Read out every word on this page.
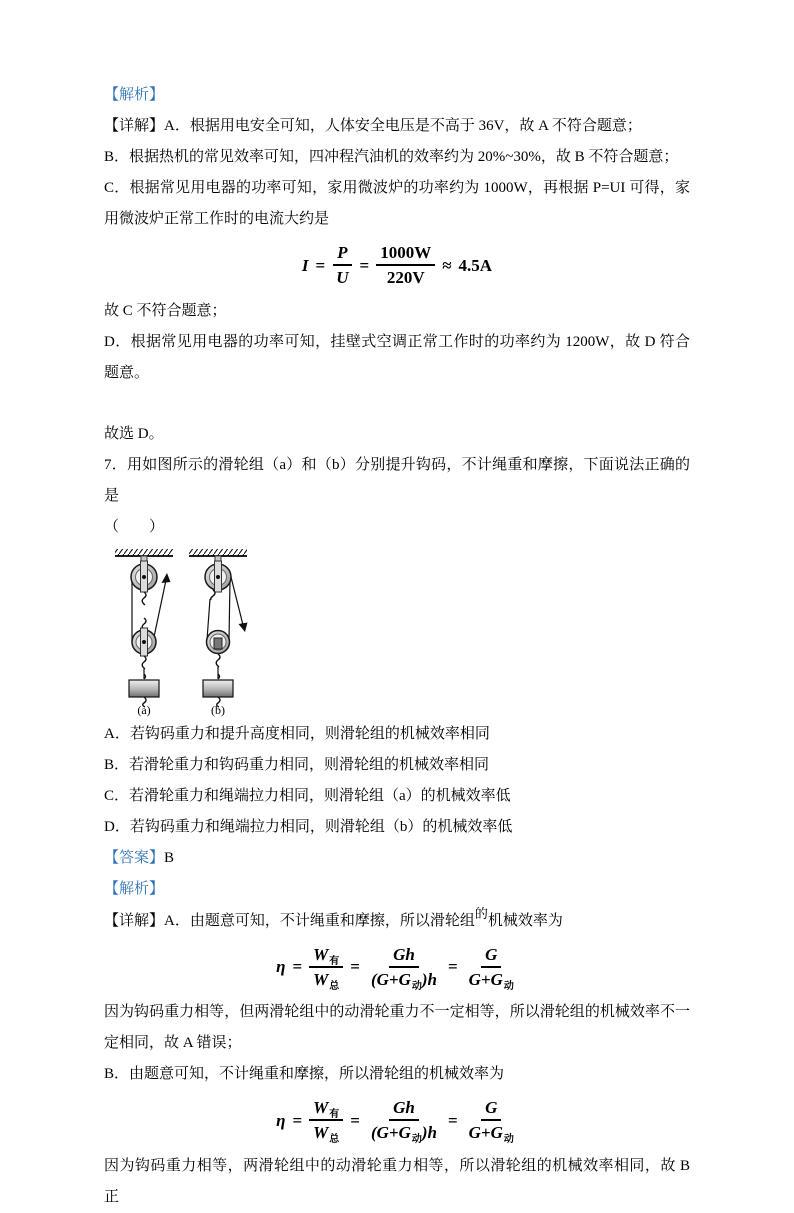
【解析】
【详解】A．根据用电安全可知，人体安全电压是不高于 36V，故 A 不符合题意；
B．根据热机的常见效率可知，四冲程汽油机的效率约为 20%~30%，故 B 不符合题意；
C．根据常见用电器的功率可知，家用微波炉的功率约为 1000W，再根据 P=UI 可得，家用微波炉正常工作时的电流大约是
$I = \frac{P}{U} = \frac{1000W}{220V} \approx 4.5A$
故 C 不符合题意；
D．根据常见用电器的功率可知，挂壁式空调正常工作时的功率约为 1200W，故 D 符合题意。
故选 D。
7．用如图所示的滑轮组（a）和（b）分别提升钩码，不计绳重和摩擦，下面说法正确的是
（　　）
(a)	(b)
A．若钩码重力和提升高度相同，则滑轮组的机械效率相同
B．若滑轮重力和钩码重力相同，则滑轮组的机械效率相同
C．若滑轮重力和绳端拉力相同，则滑轮组（a）的机械效率低
D．若钩码重力和绳端拉力相同，则滑轮组（b）的机械效率低
【答案】B
【解析】
【详解】A．由题意可知，不计绳重和摩擦，所以滑轮组的机械效率为
$\eta = \frac{W_有}{W_总} = \frac{Gh}{(G+G_动)h} = \frac{G}{G+G_动}$
因为钩码重力相等，但两滑轮组中的动滑轮重力不一定相等，所以滑轮组的机械效率不一定相同，故 A 错误；
B．由题意可知，不计绳重和摩擦，所以滑轮组的机械效率为
$\eta = \frac{W_有}{W_总} = \frac{Gh}{(G+G_动)h} = \frac{G}{G+G_动}$
因为钩码重力相等，两滑轮组中的动滑轮重力相等，所以滑轮组的机械效率相同，故 B 正
